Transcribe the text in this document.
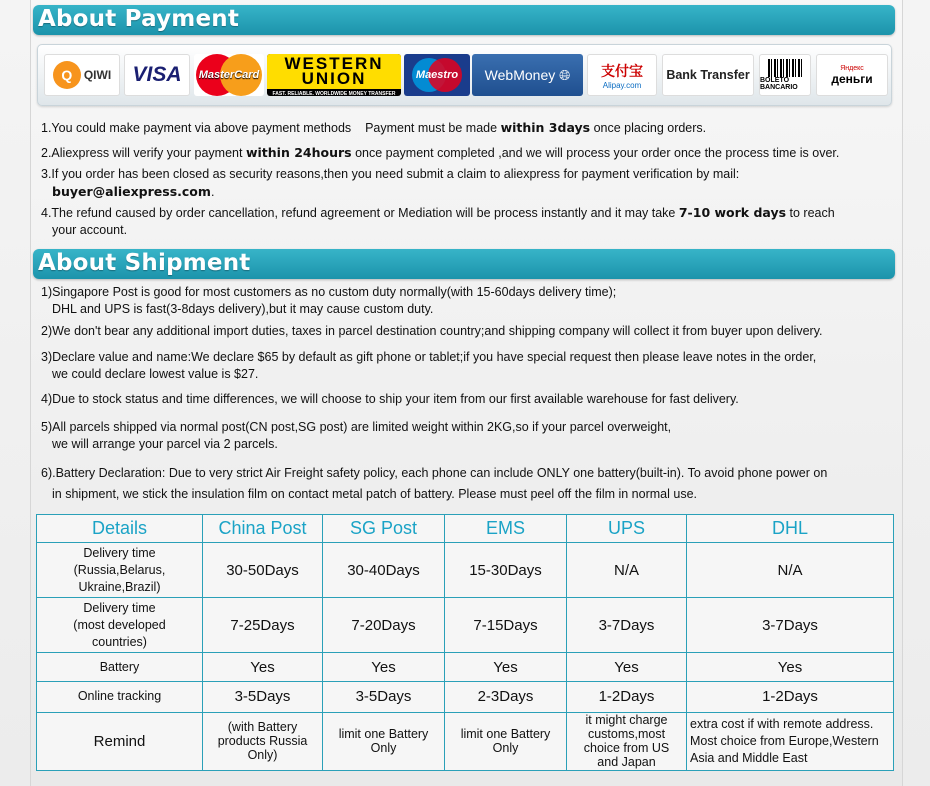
About Payment
Q QIWI	VISA	MasterCard
WESTERN UNION
FAST. RELIABLE. WORLDWIDE MONEY TRANSFER
Maestro WebMoney
🌐︎ 支付宝
Alipay.com
Bank Transfer	BOLETO BANCARIO
Яндекс
деньги
1.You could make payment via above payment methods Payment must be made within 3days once placing orders.
2.Aliexpress will verify your payment within 24hours once payment completed ,and we will process your order once the process time is over.
3.If you order has been closed as security reasons,then you need submit a claim to aliexpress for payment verification by mail:
buyer@aliexpress.com.
4.The refund caused by order cancellation, refund agreement or Mediation will be process instantly and it may take 7-10 work days to reach
your account.
About Shipment
1)Singapore Post is good for most customers as no custom duty normally(with 15-60days delivery time);
DHL and UPS is fast(3-8days delivery),but it may cause custom duty.
2)We don't bear any additional import duties, taxes in parcel destination country;and shipping company will collect it from buyer upon delivery.
3)Declare value and name:We declare $65 by default as gift phone or tablet;if you have special request then please leave notes in the order,
we could declare lowest value is $27.
4)Due to stock status and time differences, we will choose to ship your item from our first available warehouse for fast delivery.
5)All parcels shipped via normal post(CN post,SG post) are limited weight within 2KG,so if your parcel overweight,
we will arrange your parcel via 2 parcels.
6).Battery Declaration: Due to very strict Air Freight safety policy, each phone can include ONLY one battery(built-in). To avoid phone power on
in shipment, we stick the insulation film on contact metal patch of battery. Please must peel off the film in normal use.
Details	China Post	SG Post	EMS	UPS	DHL
Delivery time
(Russia,Belarus,
Ukraine,Brazil)	30-50Days	30-40Days	15-30Days	N/A	N/A
Delivery time
(most developed
countries)	7-25Days	7-20Days	7-15Days	3-7Days	3-7Days
Battery	Yes	Yes	Yes	Yes	Yes
Online tracking	3-5Days	3-5Days	2-3Days	1-2Days	1-2Days
Remind	(with Battery
products Russia
Only)	limit one Battery
Only	limit one Battery
Only	it might charge
customs,most
choice from US
and Japan	extra cost if with remote address.
Most choice from Europe,Western
Asia and Middle East
